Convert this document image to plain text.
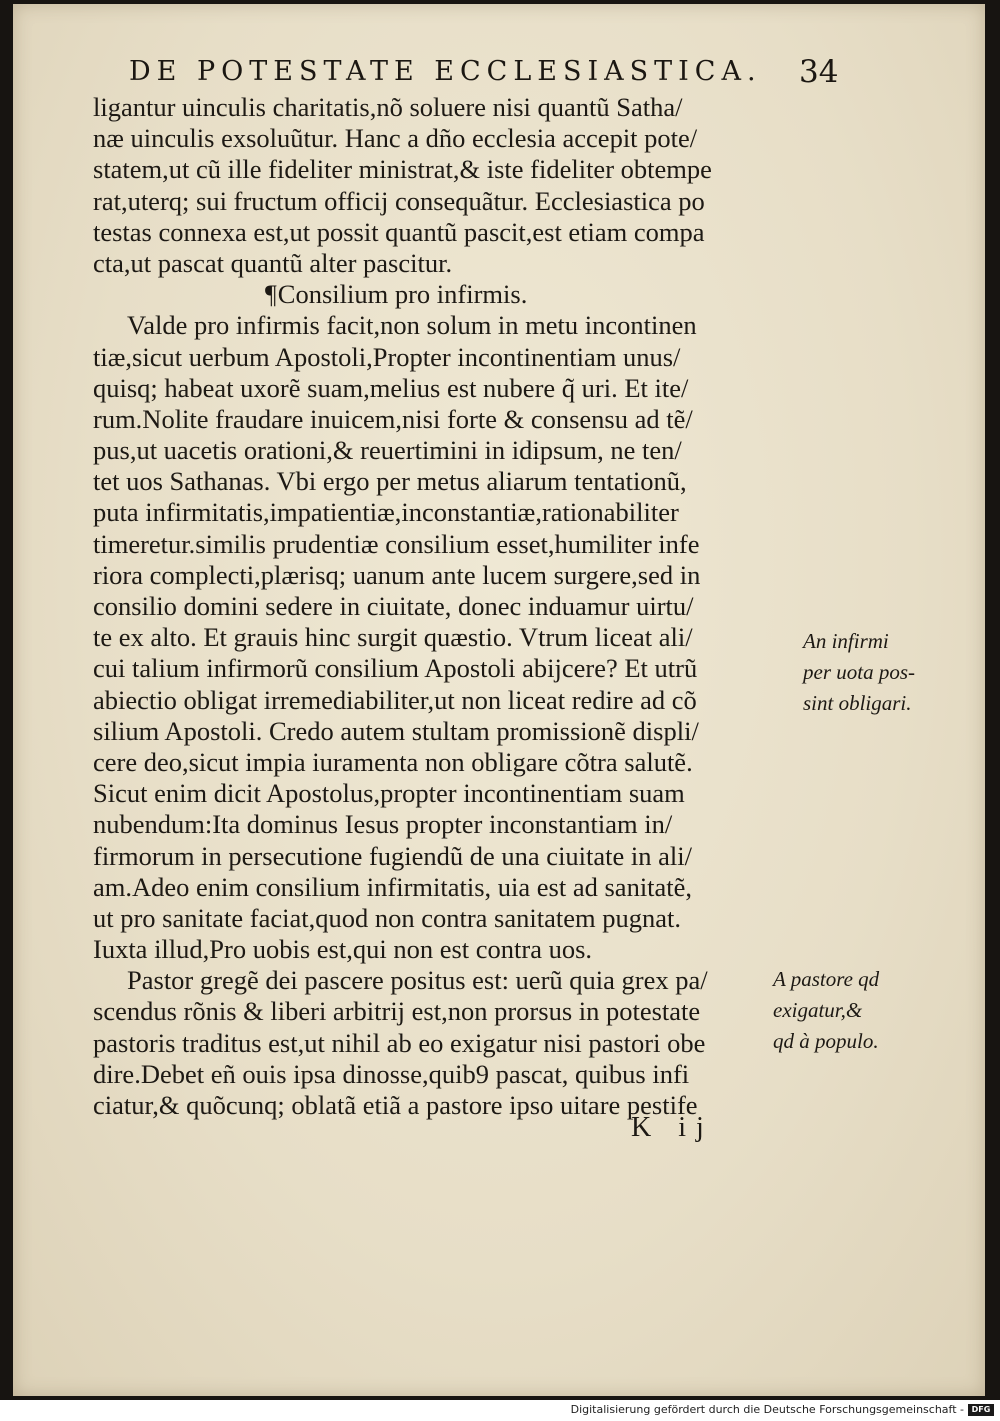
DE POTESTATE ECCLESIASTICA. 34
ligantur uinculis charitatis,nõ soluere nisi quantũ Satha/
næ uinculis exsoluũtur. Hanc a dño ecclesia accepit pote/
statem,ut cũ ille fideliter ministrat,& iste fideliter obtempe
rat,uterq; sui fructum officij consequãtur. Ecclesiastica po
testas connexa est,ut possit quantũ pascit,est etiam compa
cta,ut pascat quantũ alter pascitur.
¶Consilium pro infirmis.
Valde pro infirmis facit,non solum in metu incontinen
tiæ,sicut uerbum Apostoli,Propter incontinentiam unus/
quisq; habeat uxorẽ suam,melius est nubere q̃ uri. Et ite/
rum.Nolite fraudare inuicem,nisi forte & consensu ad tẽ/
pus,ut uacetis orationi,& reuertimini in idipsum, ne ten/
tet uos Sathanas. Vbi ergo per metus aliarum tentationũ,
puta infirmitatis,impatientiæ,inconstantiæ,rationabiliter
timeretur.similis prudentiæ consilium esset,humiliter infe
riora complecti,plærisq; uanum ante lucem surgere,sed in
consilio domini sedere in ciuitate, donec induamur uirtu/
te ex alto. Et grauis hinc surgit quæstio. Vtrum liceat ali/
cui talium infirmorũ consilium Apostoli abijcere? Et utrũ
abiectio obligat irremediabiliter,ut non liceat redire ad cõ
silium Apostoli. Credo autem stultam promissionẽ displi/
cere deo,sicut impia iuramenta non obligare cõtra salutẽ.
Sicut enim dicit Apostolus,propter incontinentiam suam
nubendum:Ita dominus Iesus propter inconstantiam in/
firmorum in persecutione fugiendũ de una ciuitate in ali/
am.Adeo enim consilium infirmitatis, uia est ad sanitatẽ,
ut pro sanitate faciat,quod non contra sanitatem pugnat.
Iuxta illud,Pro uobis est,qui non est contra uos.
Pastor gregẽ dei pascere positus est: uerũ quia grex pa/
scendus rõnis & liberi arbitrij est,non prorsus in potestate
pastoris traditus est,ut nihil ab eo exigatur nisi pastori obe
dire.Debet eñ ouis ipsa dinosse,quib9 pascat, quibus infi
ciatur,& quõcunq; oblatã etiã a pastore ipso uitare pestife
An infirmi
per uota pos-
sint obligari.
A pastore qd
exigatur,&
qd à populo.
K ij
Digitalisierung gefördert durch die Deutsche Forschungsgemeinschaft - DFG
